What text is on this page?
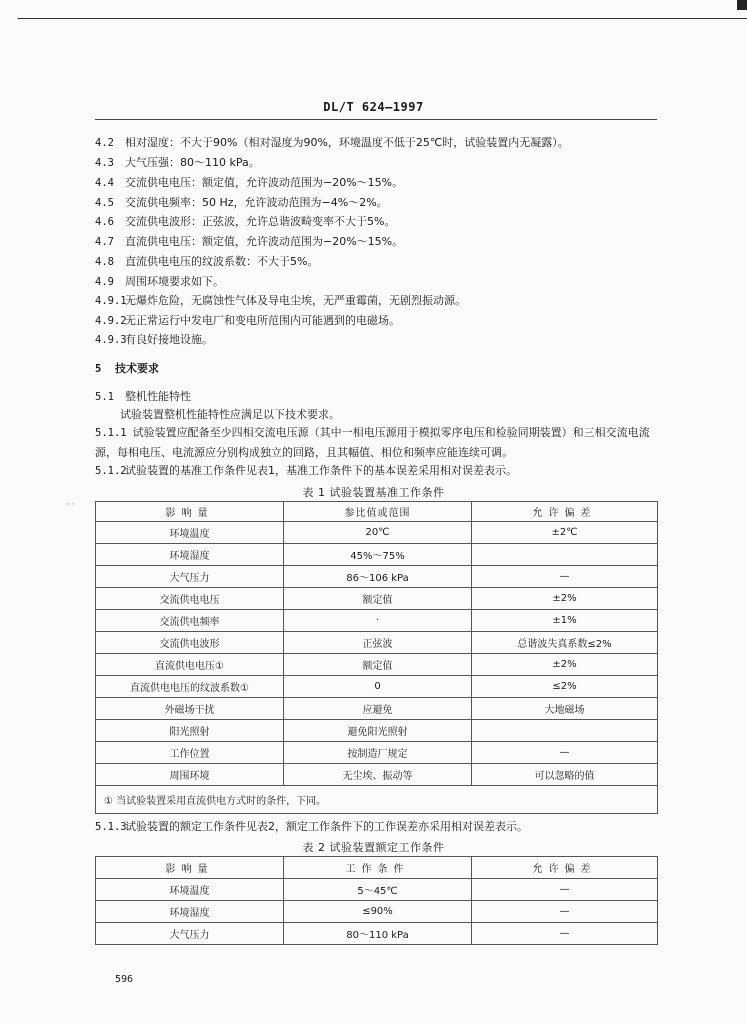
DL/T 624—1997
4.2 相对湿度：不大于90%（相对湿度为90%，环境温度不低于25℃时，试验装置内无凝露）。
4.3 大气压强：80～110 kPa。
4.4 交流供电电压：额定值，允许波动范围为−20%～15%。
4.5 交流供电频率：50 Hz，允许波动范围为−4%～2%。
4.6 交流供电波形：正弦波，允许总谐波畸变率不大于5%。
4.7 直流供电电压：额定值，允许波动范围为−20%～15%。
4.8 直流供电电压的纹波系数：不大于5%。
4.9 周围环境要求如下。
4.9.1无爆炸危险，无腐蚀性气体及导电尘埃，无严重霉菌，无剧烈振动源。
4.9.2无正常运行中发电厂和变电所范围内可能遇到的电磁场。
4.9.3有良好接地设施。
5 技术要求
5.1 整机性能特性
试验装置整机性能特性应满足以下技术要求。
5.1.1 试验装置应配备至少四相交流电压源（其中一相电压源用于模拟零序电压和检验同期装置）和三相交流电流源，每相电压、电流源应分别构成独立的回路，且其幅值、相位和频率应能连续可调。
5.1.2试验装置的基准工作条件见表1，基准工作条件下的基本误差采用相对误差表示。
表 1 试验装置基准工作条件
· ·
影响量	参比值或范围	允许偏差
环境温度	20℃	±2℃
环境湿度	45%～75%	
大气压力	86～106 kPa	—
交流供电电压	额定值	±2%
交流供电频率	·	±1%
交流供电波形	正弦波	总谐波失真系数≤2%
直流供电电压①	额定值	±2%
直流供电电压的纹波系数①	0	≤2%
外磁场干扰	应避免	大地磁场
阳光照射	避免阳光照射	
工作位置	按制造厂规定	—
周围环境	无尘埃、振动等	可以忽略的值
① 当试验装置采用直流供电方式时的条件，下同。		
5.1.3试验装置的额定工作条件见表2，额定工作条件下的工作误差亦采用相对误差表示。
表 2 试验装置额定工作条件
影响量	工作条件	允许偏差
环境温度	5～45℃	—
环境湿度	≤90%	—
大气压力	80～110 kPa	—
596
